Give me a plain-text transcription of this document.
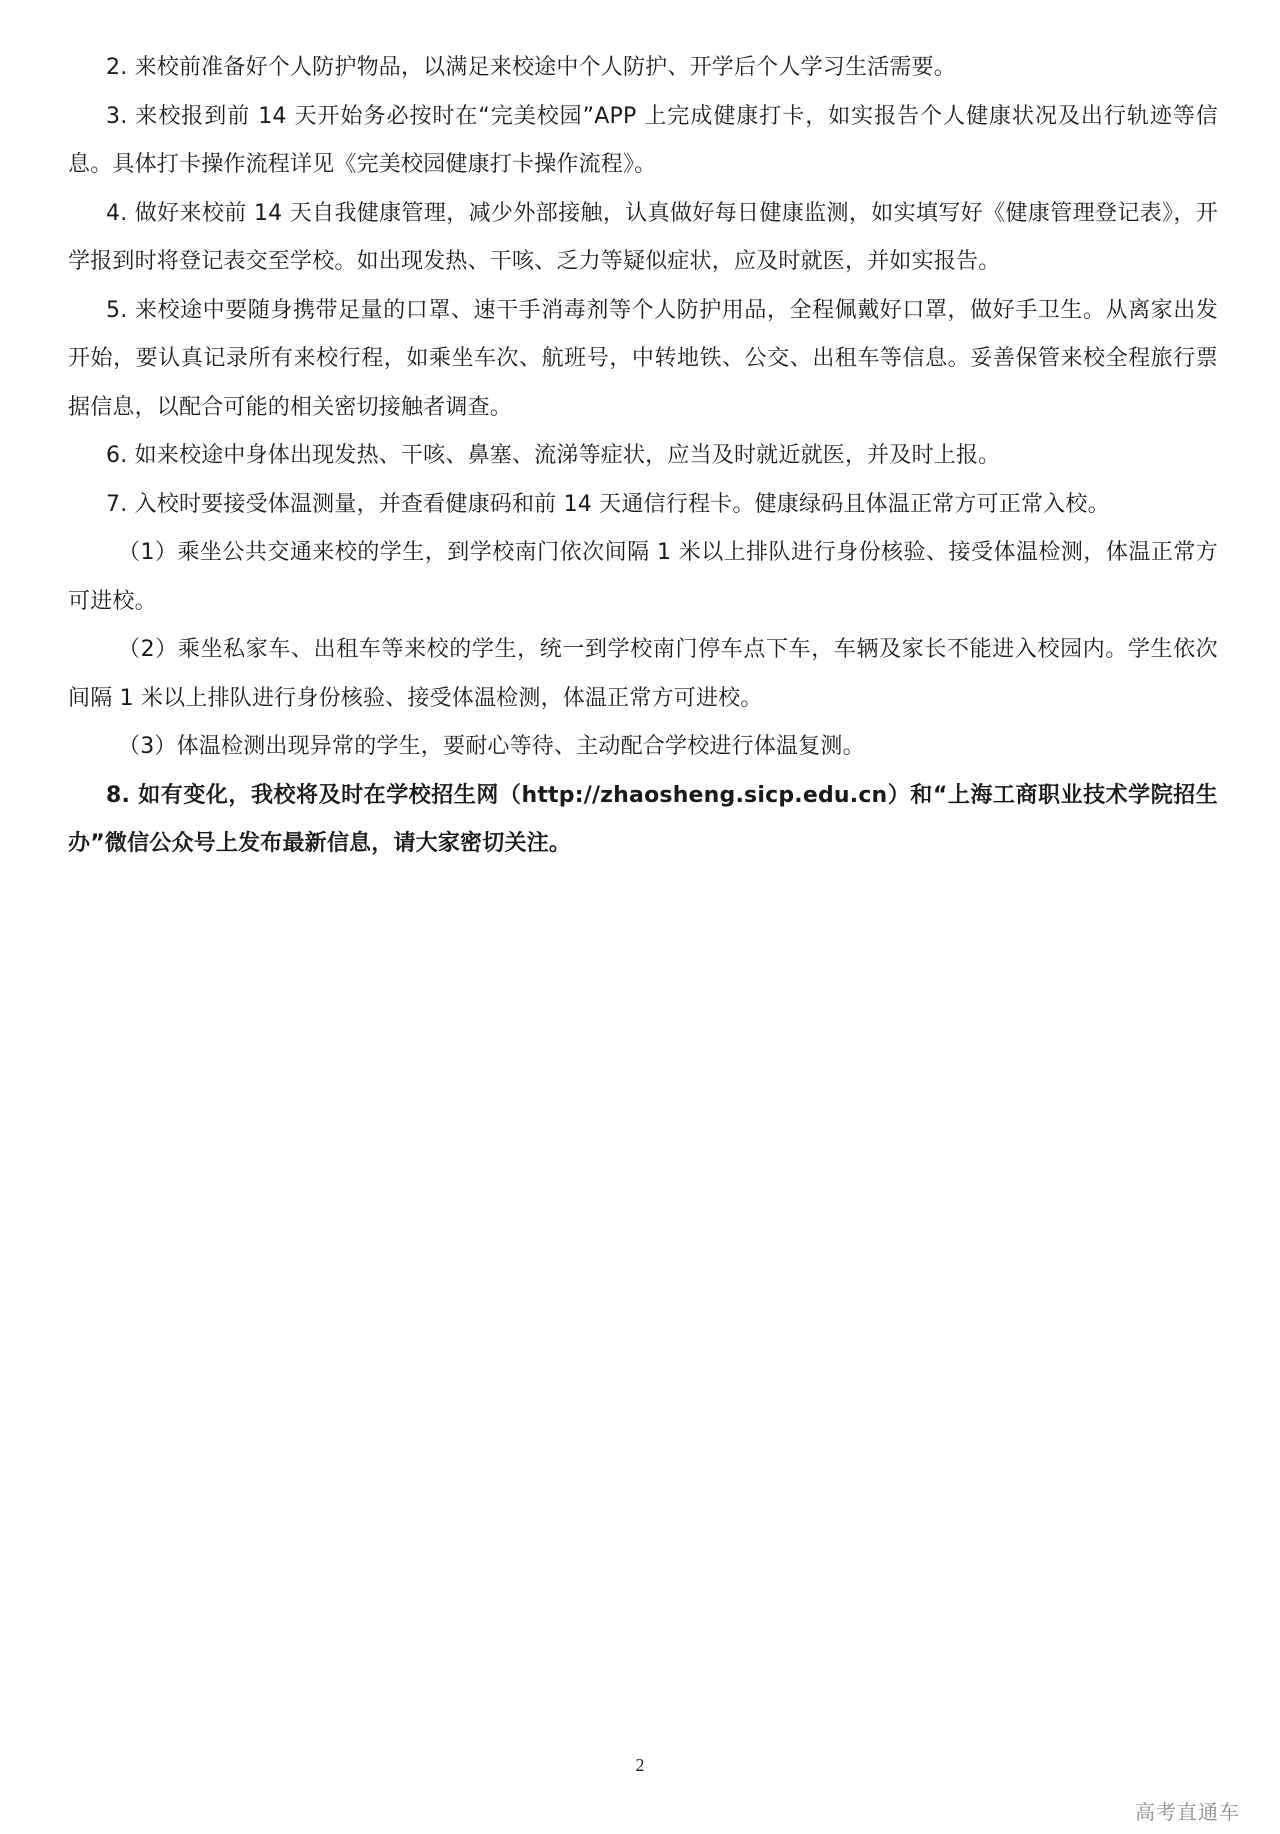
2. 来校前准备好个人防护物品，以满足来校途中个人防护、开学后个人学习生活需要。

3. 来校报到前 14 天开始务必按时在“完美校园”APP 上完成健康打卡，如实报告个人健康状况及出行轨迹等信息。具体打卡操作流程详见《完美校园健康打卡操作流程》。

4. 做好来校前 14 天自我健康管理，减少外部接触，认真做好每日健康监测，如实填写好《健康管理登记表》，开学报到时将登记表交至学校。如出现发热、干咳、乏力等疑似症状，应及时就医，并如实报告。

5. 来校途中要随身携带足量的口罩、速干手消毒剂等个人防护用品，全程佩戴好口罩，做好手卫生。从离家出发开始，要认真记录所有来校行程，如乘坐车次、航班号，中转地铁、公交、出租车等信息。妥善保管来校全程旅行票据信息，以配合可能的相关密切接触者调查。

6. 如来校途中身体出现发热、干咳、鼻塞、流涕等症状，应当及时就近就医，并及时上报。

7. 入校时要接受体温测量，并查看健康码和前 14 天通信行程卡。健康绿码且体温正常方可正常入校。

（1）乘坐公共交通来校的学生，到学校南门依次间隔 1 米以上排队进行身份核验、接受体温检测，体温正常方可进校。

（2）乘坐私家车、出租车等来校的学生，统一到学校南门停车点下车，车辆及家长不能进入校园内。学生依次间隔 1 米以上排队进行身份核验、接受体温检测，体温正常方可进校。

（3）体温检测出现异常的学生，要耐心等待、主动配合学校进行体温复测。

8. 如有变化，我校将及时在学校招生网（http://zhaosheng.sicp.edu.cn）和“上海工商职业技术学院招生办”微信公众号上发布最新信息，请大家密切关注。

2
高考直通车
